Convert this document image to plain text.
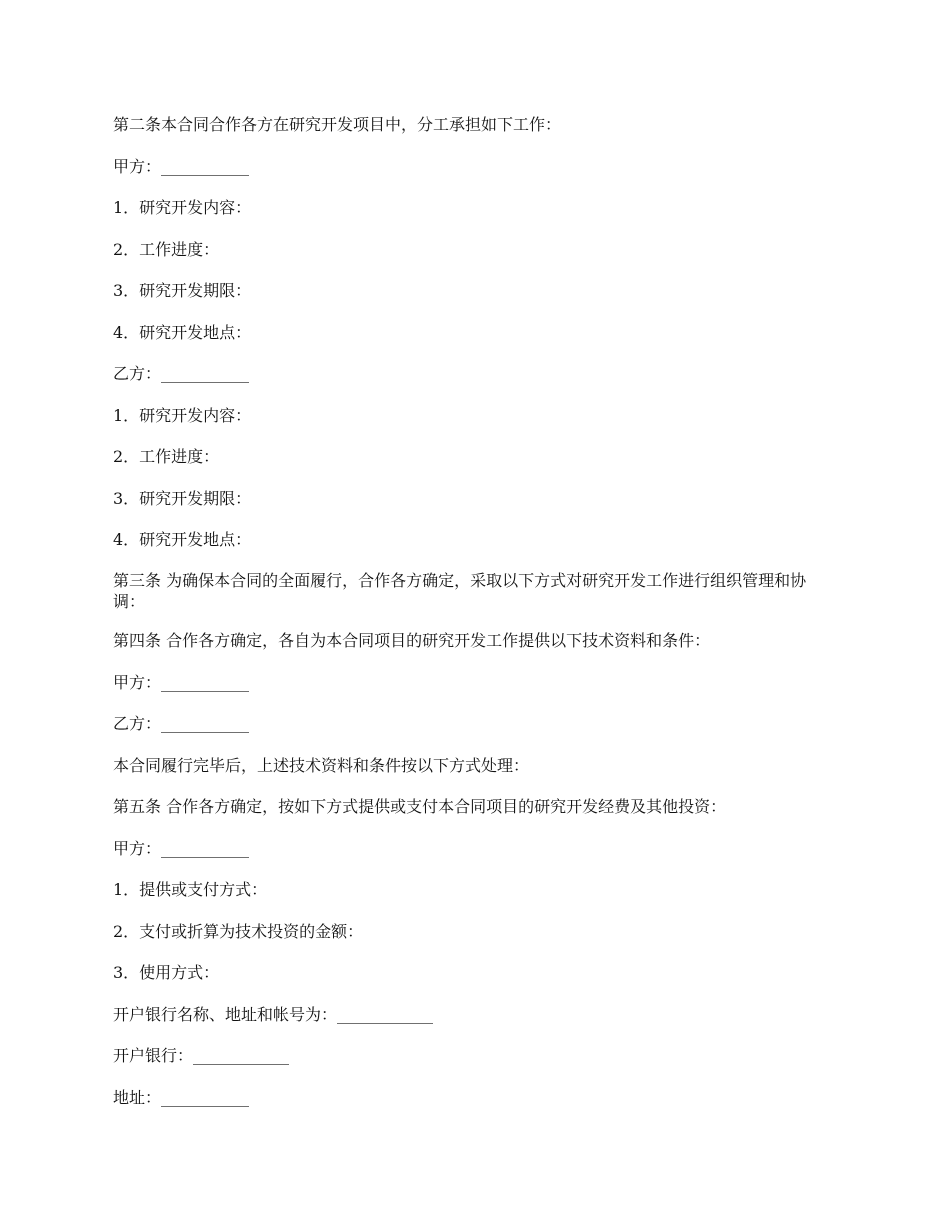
第二条本合同合作各方在研究开发项目中，分工承担如下工作：

甲方：___________

1．研究开发内容：

2．工作进度：

3．研究开发期限：

4．研究开发地点：

乙方：___________

1．研究开发内容：

2．工作进度：

3．研究开发期限：

4．研究开发地点：

第三条 为确保本合同的全面履行，合作各方确定，采取以下方式对研究开发工作进行组织管理和协调：

第四条 合作各方确定，各自为本合同项目的研究开发工作提供以下技术资料和条件：

甲方：___________

乙方：___________

本合同履行完毕后，上述技术资料和条件按以下方式处理：

第五条 合作各方确定，按如下方式提供或支付本合同项目的研究开发经费及其他投资：

甲方：___________

1．提供或支付方式：

2．支付或折算为技术投资的金额：

3．使用方式：

开户银行名称、地址和帐号为：____________

开户银行：____________

地址：___________
